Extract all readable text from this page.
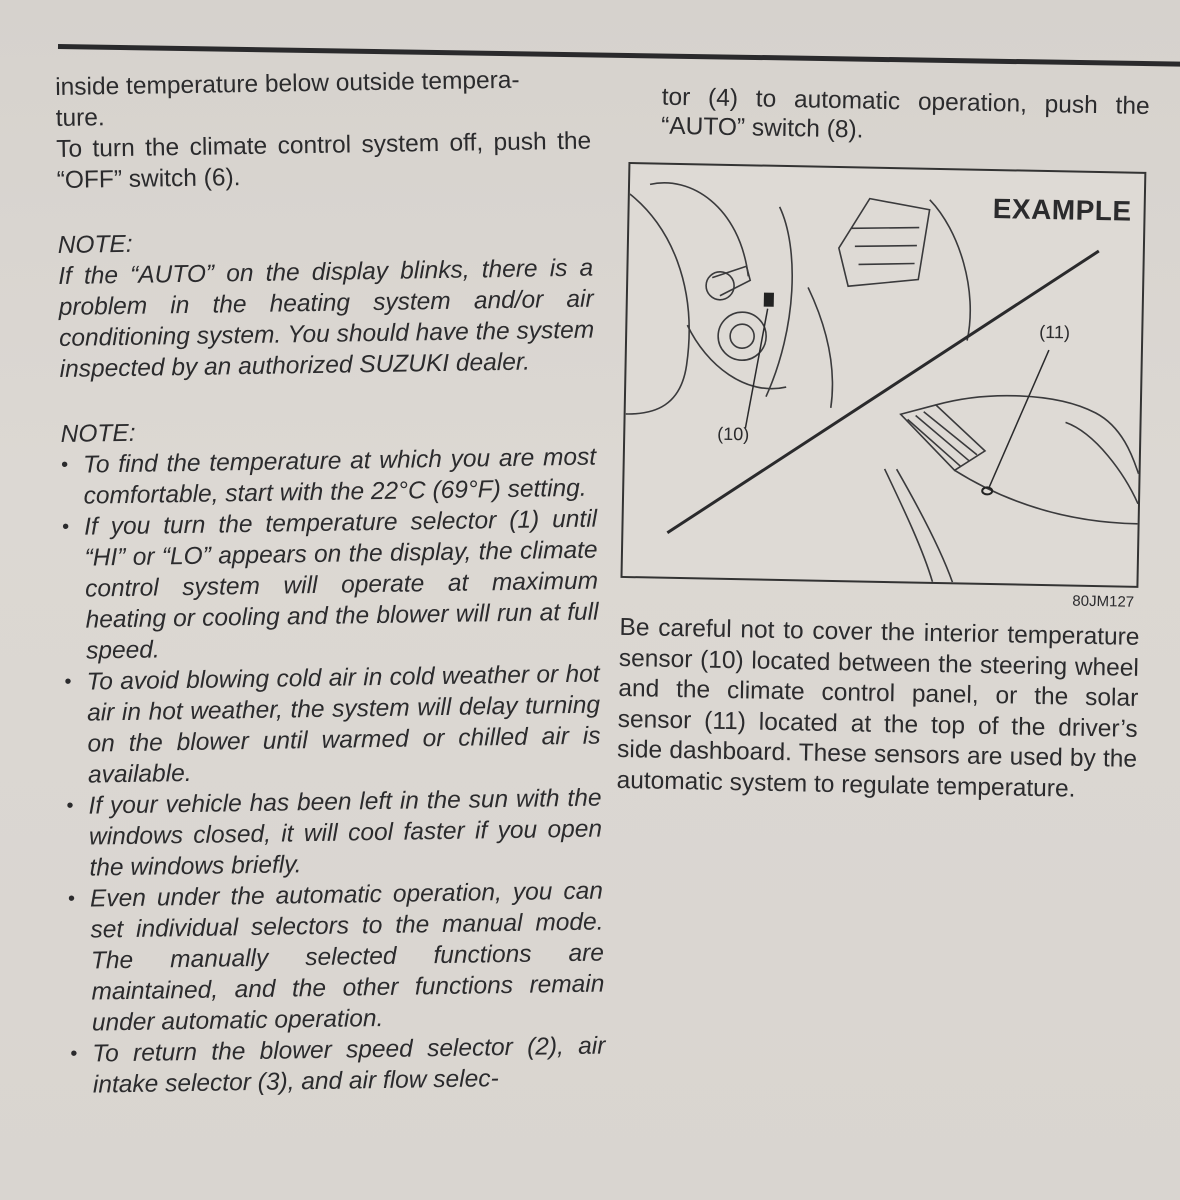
inside temperature below outside tempera-

ture.

To turn the climate control system off, push the “OFF” switch (6).

NOTE:

If the “AUTO” on the display blinks, there is a problem in the heating system and/or air conditioning system. You should have the system inspected by an authorized SUZUKI dealer.

NOTE:

• To find the temperature at which you are most comfortable, start with the 22°C (69°F) setting.
• If you turn the temperature selector (1) until “HI” or “LO” appears on the display, the climate control system will operate at maximum heating or cooling and the blower will run at full speed.
• To avoid blowing cold air in cold weather or hot air in hot weather, the system will delay turning on the blower until warmed or chilled air is available.
• If your vehicle has been left in the sun with the windows closed, it will cool faster if you open the windows briefly.
• Even under the automatic operation, you can set individual selectors to the manual mode. The manually selected functions are maintained, and the other functions remain under automatic operation.
• To return the blower speed selector (2), air intake selector (3), and air flow selec-

tor (4) to automatic operation, push the “AUTO” switch (8).

EXAMPLE
(11)
(10)
80JM127

Be careful not to cover the interior temperature sensor (10) located between the steering wheel and the climate control panel, or the solar sensor (11) located at the top of the driver’s side dashboard. These sensors are used by the automatic system to regulate temperature.
